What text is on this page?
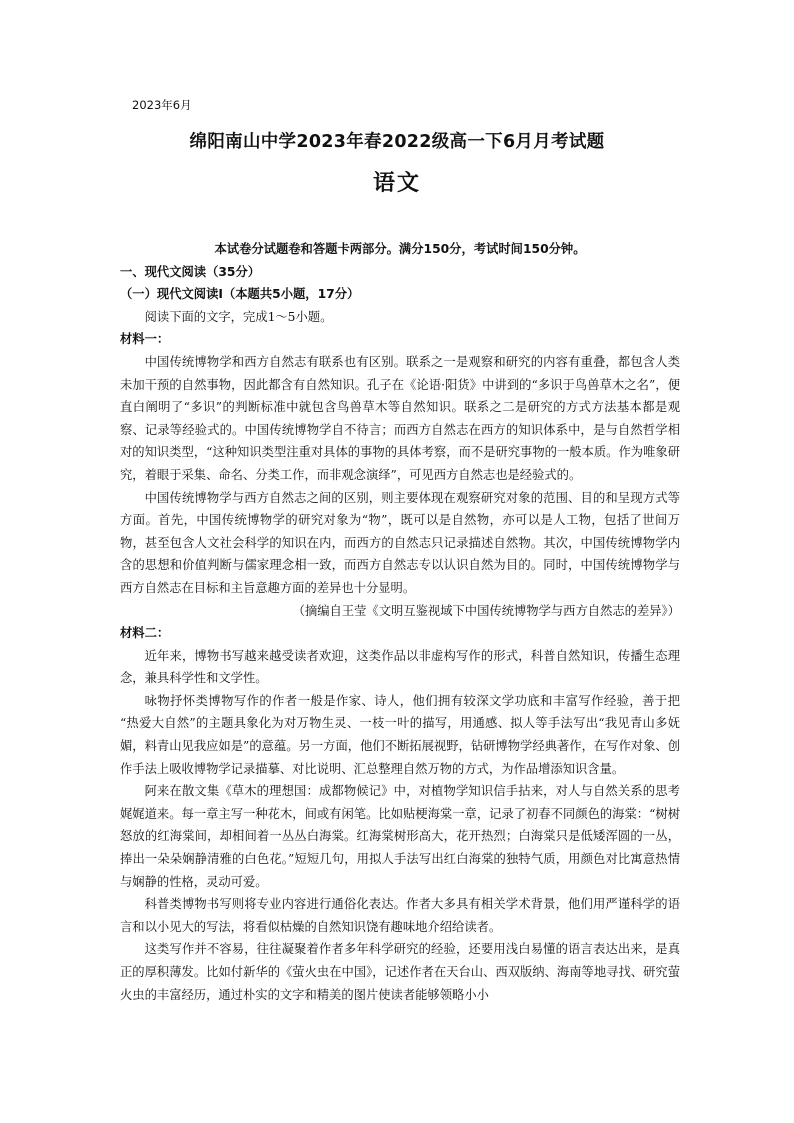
2023年6月
绵阳南山中学2023年春2022级高一下6月月考试题
语文

本试卷分试题卷和答题卡两部分。满分150分，考试时间150分钟。

一、现代文阅读（35分）

（一）现代文阅读Ⅰ（本题共5小题，17分）

阅读下面的文字，完成1～5小题。

材料一：

中国传统博物学和西方自然志有联系也有区别。联系之一是观察和研究的内容有重叠，都包含人类未加干预的自然事物，因此都含有自然知识。孔子在《论语·阳货》中讲到的“多识于鸟兽草木之名”，便直白阐明了“多识”的判断标准中就包含鸟兽草木等自然知识。联系之二是研究的方式方法基本都是观察、记录等经验式的。中国传统博物学自不待言；而西方自然志在西方的知识体系中，是与自然哲学相对的知识类型，“这种知识类型注重对具体的事物的具体考察，而不是研究事物的一般本质。作为唯象研究，着眼于采集、命名、分类工作，而非观念演绎”，可见西方自然志也是经验式的。

中国传统博物学与西方自然志之间的区别，则主要体现在观察研究对象的范围、目的和呈现方式等方面。首先，中国传统博物学的研究对象为“物”，既可以是自然物，亦可以是人工物，包括了世间万物，甚至包含人文社会科学的知识在内，而西方的自然志只记录描述自然物。其次，中国传统博物学内含的思想和价值判断与儒家理念相一致，而西方自然志专以认识自然为目的。同时，中国传统博物学与西方自然志在目标和主旨意趣方面的差异也十分显明。

（摘编自王莹《文明互鉴视域下中国传统博物学与西方自然志的差异》）

材料二：

近年来，博物书写越来越受读者欢迎，这类作品以非虚构写作的形式，科普自然知识，传播生态理念，兼具科学性和文学性。

咏物抒怀类博物写作的作者一般是作家、诗人，他们拥有较深文学功底和丰富写作经验，善于把 “热爱大自然”的主题具象化为对万物生灵、一枝一叶的描写，用通感、拟人等手法写出“我见青山多妩媚，料青山见我应如是”的意蕴。另一方面，他们不断拓展视野，钻研博物学经典著作，在写作对象、创作手法上吸收博物学记录描摹、对比说明、汇总整理自然万物的方式，为作品增添知识含量。

阿来在散文集《草木的理想国：成都物候记》中，对植物学知识信手拈来，对人与自然关系的思考娓娓道来。每一章主写一种花木，间或有闲笔。比如贴梗海棠一章，记录了初春不同颜色的海棠：“树树怒放的红海棠间，却相间着一丛丛白海棠。红海棠树形高大，花开热烈；白海棠只是低矮浑圆的一丛，捧出一朵朵娴静清雅的白色花。”短短几句，用拟人手法写出红白海棠的独特气质，用颜色对比寓意热情与娴静的性格，灵动可爱。

科普类博物书写则将专业内容进行通俗化表达。作者大多具有相关学术背景，他们用严谨科学的语言和以小见大的写法，将看似枯燥的自然知识饶有趣味地介绍给读者。

这类写作并不容易，往往凝聚着作者多年科学研究的经验，还要用浅白易懂的语言表达出来，是真正的厚积薄发。比如付新华的《萤火虫在中国》，记述作者在天台山、西双版纳、海南等地寻找、研究萤火虫的丰富经历，通过朴实的文字和精美的图片使读者能够领略小小
